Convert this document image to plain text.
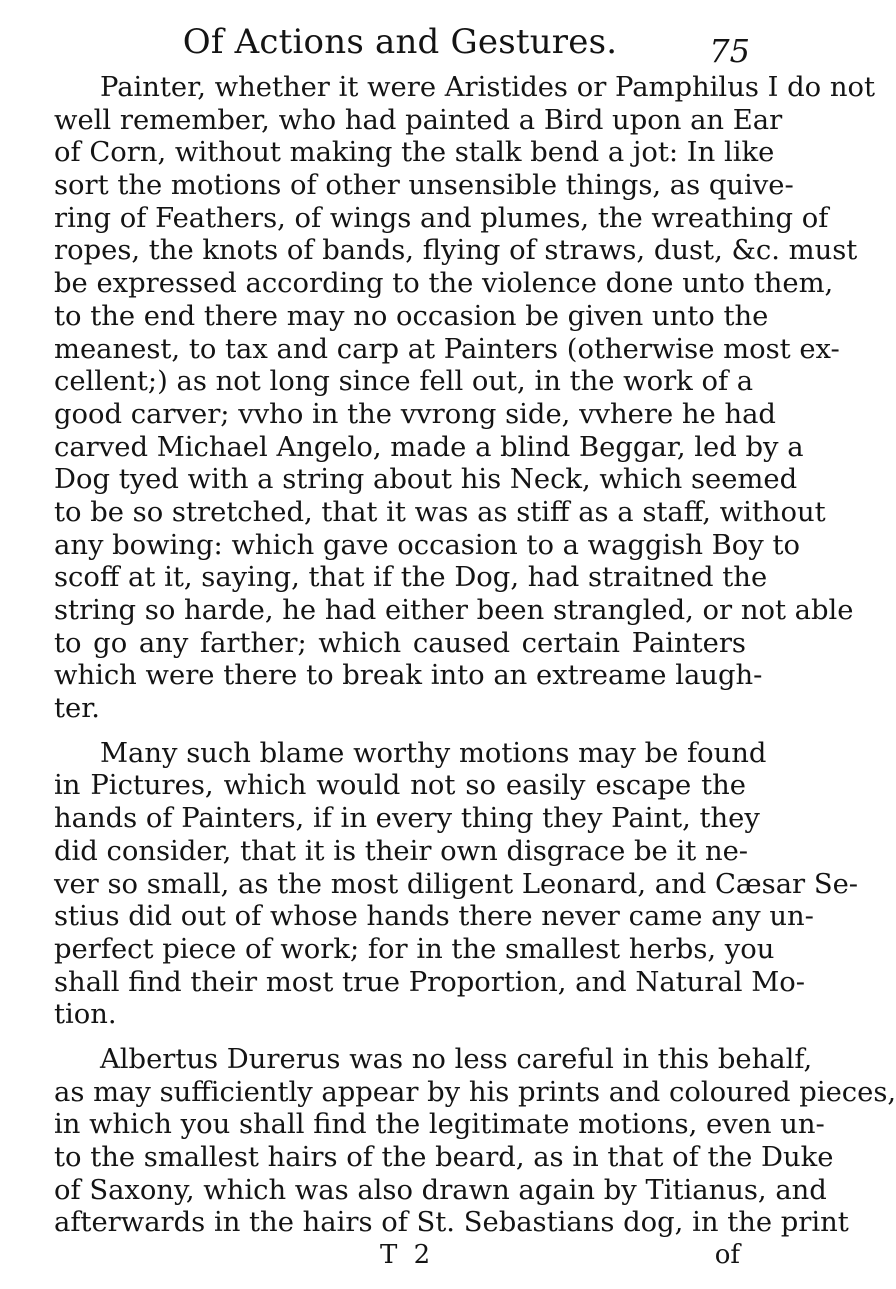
Of Actions and Gestures.	75
Painter, whether it were Aristides or Pamphilus I do not
well remember, who had painted a Bird upon an Ear
of Corn, without making the stalk bend a jot: In like
sort the motions of other unsensible things, as quive-
ring of Feathers, of wings and plumes, the wreathing of
ropes, the knots of bands, flying of straws, dust, &c. must
be expressed according to the violence done unto them,
to the end there may no occasion be given unto the
meanest, to tax and carp at Painters (otherwise most ex-
cellent;) as not long since fell out, in the work of a
good carver; vvho in the vvrong side, vvhere he had
carved Michael Angelo, made a blind Beggar, led by a
Dog tyed with a string about his Neck, which seemed
to be so stretched, that it was as stiff as a staff, without
any bowing: which gave occasion to a waggish Boy to
scoff at it, saying, that if the Dog, had straitned the
string so harde, he had either been strangled, or not able
to go any farther; which caused certain Painters
which were there to break into an extreame laugh-
ter.
Many such blame worthy motions may be found
in Pictures, which would not so easily escape the
hands of Painters, if in every thing they Paint, they
did consider, that it is their own disgrace be it ne-
ver so small, as the most diligent Leonard, and Cæsar Se-
stius did out of whose hands there never came any un-
perfect piece of work; for in the smallest herbs, you
shall find their most true Proportion, and Natural Mo-
tion.
Albertus Durerus was no less careful in this behalf,
as may sufficiently appear by his prints and coloured pieces,
in which you shall find the legitimate motions, even un-
to the smallest hairs of the beard, as in that of the Duke
of Saxony, which was also drawn again by Titianus, and
afterwards in the hairs of St. Sebastians dog, in the print
T 2	of
